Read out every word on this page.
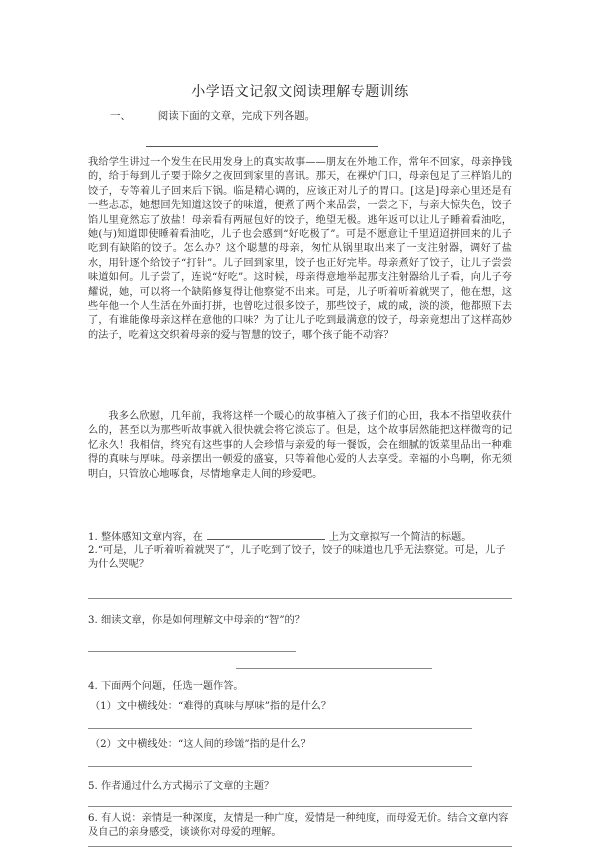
小学语文记叙文阅读理解专题训练
一、        阅读下面的文章，完成下列各题。

我给学生讲过一个发生在民用发身上的真实故事——朋友在外地工作，常年不回家，母亲挣钱的，给于每到儿子要于除夕之夜回到家里的喜讯。那天，在裸炉门口，母亲包足了三样馅儿的饺子，专等着儿子回来后下锅。临是精心调的，应该正对儿子的胃口。[这是]母亲心里还是有一些忐忑，她想回先知道这饺子的味道，便煮了两个来品尝，一尝之下，与亲大惊失色，饺子馅儿里竟然忘了放盐！母亲看有两屉包好的饺子，绝望无极。逃年返可以让儿子睡着看油吃，她(与)知道即使睡着看油吃，儿子也会感到“好吃极了”。可是不愿意让千里迢迢拼回来的儿子吃到有缺陷的饺子。怎么办？这个聪慧的母亲，匆忙从锅里取出来了一支注射器，调好了盐水，用针逐个给饺子“打针”。儿子回到家里，饺子也正好完毕。母亲煮好了饺子，让儿子尝尝味道如何。儿子尝了，连说“好吃”。这时候，母亲得意地举起那支注射器给儿子看，向儿子夸耀说，她，可以将一个缺陷修复得让他察觉不出来。可是，儿子听着听着就哭了，他在想，这些年他一个人生活在外面打拼，也曾吃过很多饺子，那些饺子，咸的咸，淡的淡，他都照下去了，有谁能像母亲这样在意他的口味？为了让儿子吃到最满意的饺子，母亲竟想出了这样高妙的法子，吃着这交织着母亲的爱与智慧的饺子，哪个孩子能不动容？

我多么欣慰，几年前，我将这样一个暖心的故事植入了孩子们的心田，我本不指望收获什么的，甚至以为那些听故事就入很快就会将它淡忘了。但是，这个故事居然能把这样微弯的记忆永久！我相信，终究有这些事的人会珍惜与亲爱的每一餐饭，会在细腻的饭菜里品出一种难得的真味与厚味。母亲摆出一顿爱的盛宴，只等着他心爱的人去享受。幸福的小鸟啊，你无须明白，只管放心地啄食，尽情地拿走人间的珍爱吧。

1. 整体感知文章内容，在	上为文章拟写一个简洁的标题。

2.“可是，儿子听着听着就哭了”，儿子吃到了饺子，饺子的味道也几乎无法察觉。可是，儿子为什么哭呢？

3. 细读文章，你是如何理解文中母亲的“智”的？

4. 下面两个问题，任选一题作答。

（1）文中横线处：“难得的真味与厚味”指的是什么？

（2）文中横线处：“这人间的珍馐”指的是什么？

5. 作者通过什么方式揭示了文章的主题？

6. 有人说：亲情是一种深度，友情是一种广度，爱情是一种纯度，而母爱无价。结合文章内容及自己的亲身感受，谈谈你对母爱的理解。
